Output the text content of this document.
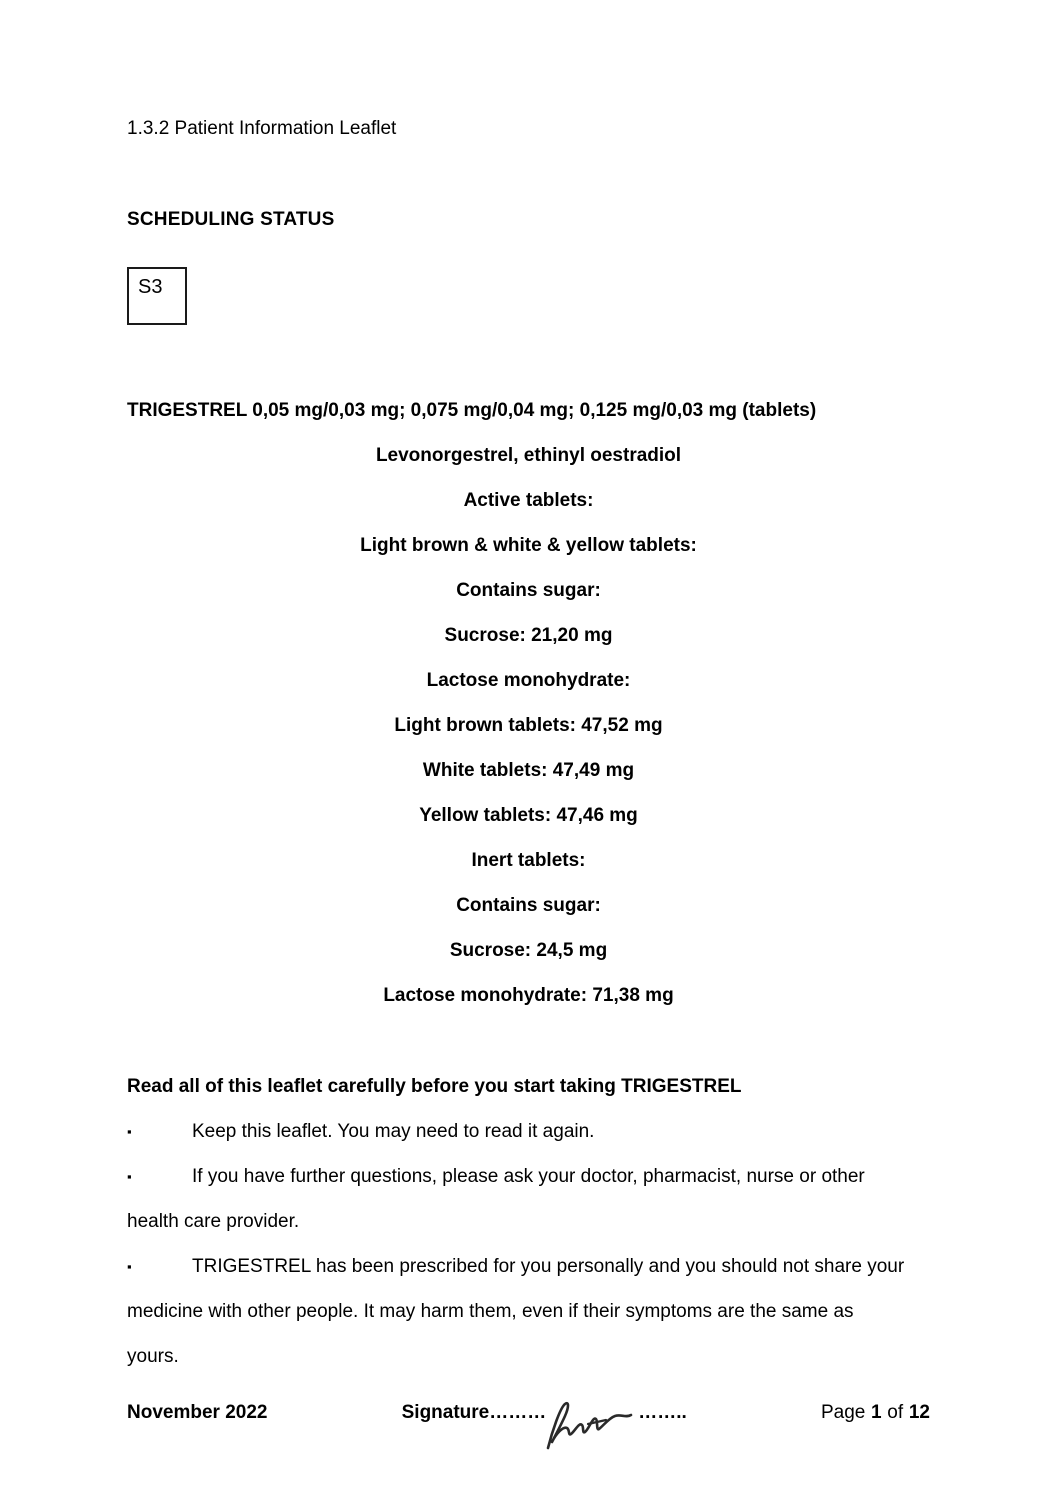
1.3.2 Patient Information Leaflet

SCHEDULING STATUS

S3

TRIGESTREL 0,05 mg/0,03 mg; 0,075 mg/0,04 mg; 0,125 mg/0,03 mg (tablets)

Levonorgestrel, ethinyl oestradiol

Active tablets:

Light brown & white & yellow tablets:

Contains sugar:

Sucrose: 21,20 mg

Lactose monohydrate:

Light brown tablets: 47,52 mg

White tablets: 47,49 mg

Yellow tablets: 47,46 mg

Inert tablets:

Contains sugar:

Sucrose: 24,5 mg

Lactose monohydrate: 71,38 mg

Read all of this leaflet carefully before you start taking TRIGESTREL

▪	Keep this leaflet. You may need to read it again.
▪	If you have further questions, please ask your doctor, pharmacist, nurse or other
health care provider.
▪	TRIGESTREL has been prescribed for you personally and you should not share your
medicine with other people. It may harm them, even if their symptoms are the same as
yours.
November 2022	Signature………	……..	Page 1 of 12
